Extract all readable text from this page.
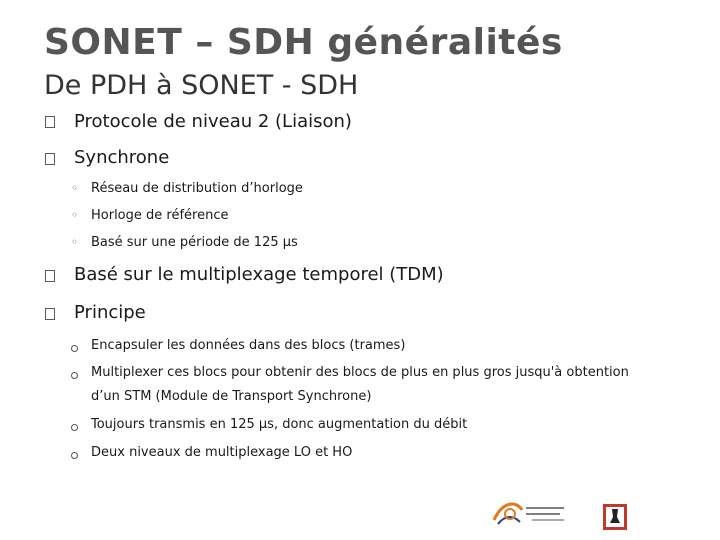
SONET – SDH généralités
De PDH à SONET - SDH
Protocole de niveau 2 (Liaison)
Synchrone
◦ Réseau de distribution d’horloge
◦ Horloge de référence
◦ Basé sur une période de 125 µs
Basé sur le multiplexage temporel (TDM)
Principe
Encapsuler les données dans des blocs (trames)
Multiplexer ces blocs pour obtenir des blocs de plus en plus gros jusqu'à obtention
d’un STM (Module de Transport Synchrone)
Toujours transmis en 125 µs, donc augmentation du débit
Deux niveaux de multiplexage LO et HO
